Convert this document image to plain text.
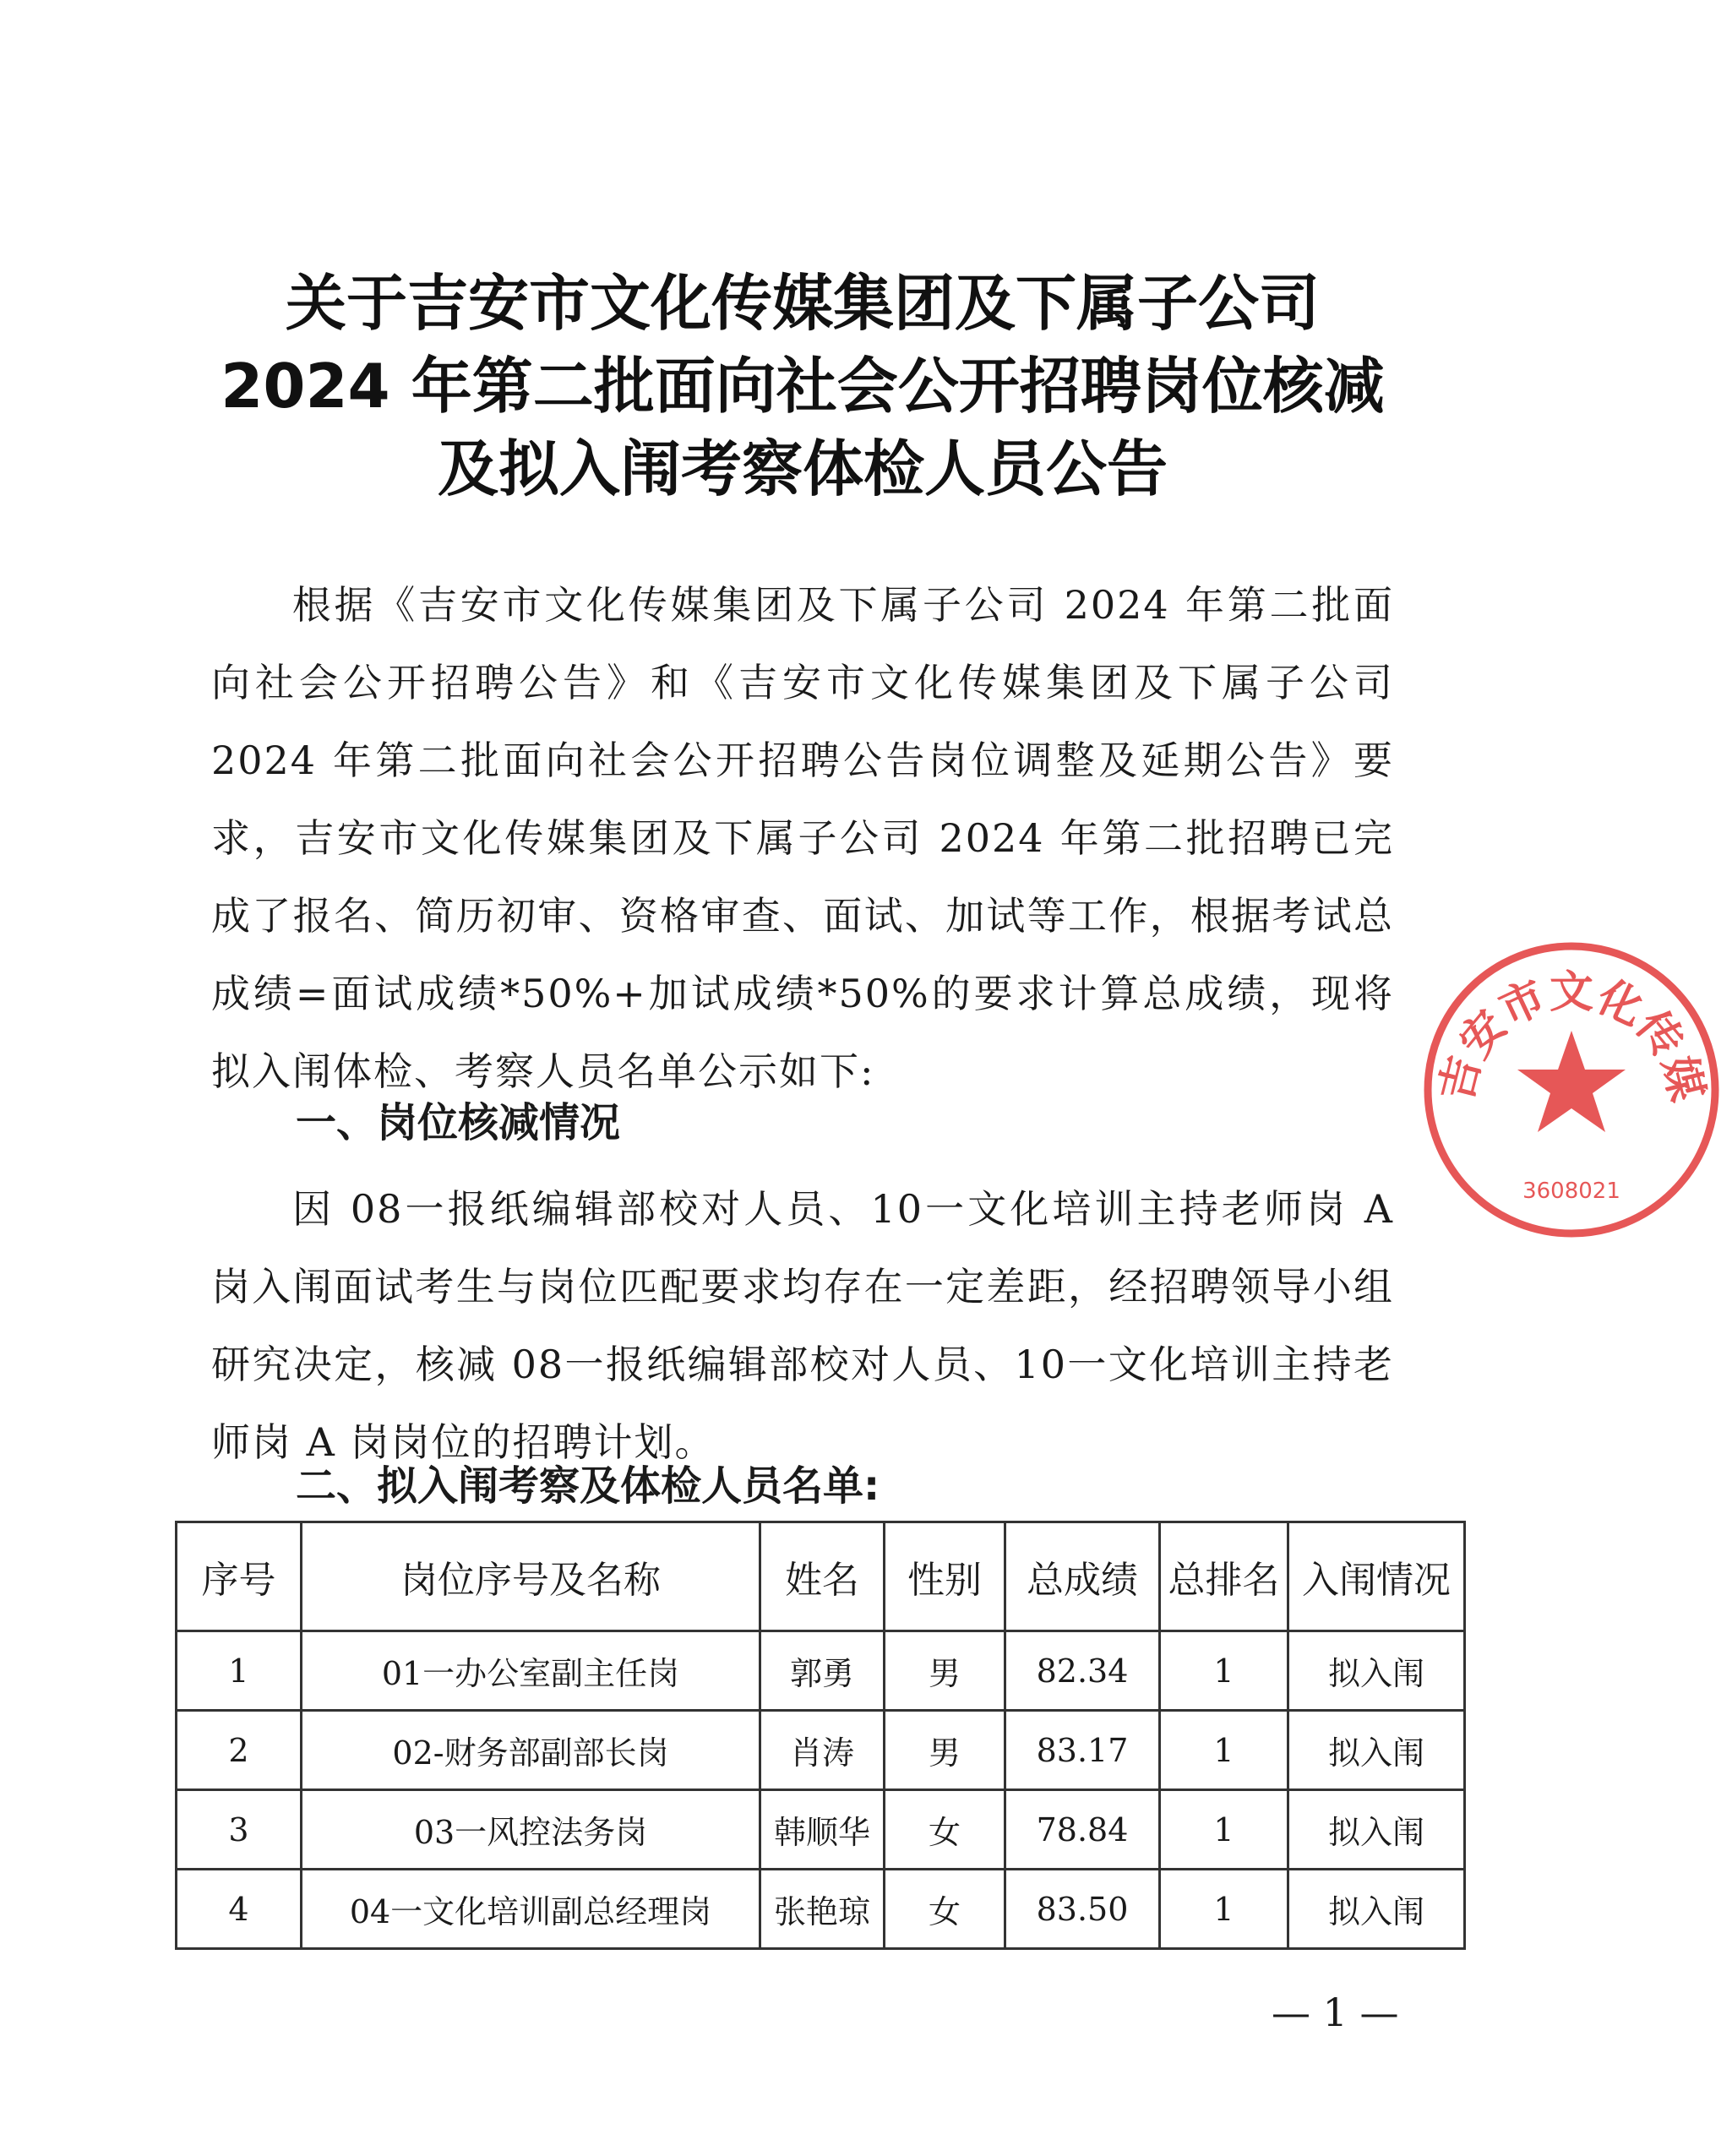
关于吉安市文化传媒集团及下属子公司
2024 年第二批面向社会公开招聘岗位核减
及拟入闱考察体检人员公告
根据《吉安市文化传媒集团及下属子公司 2024 年第二批面向社会公开招聘公告》和《吉安市文化传媒集团及下属子公司 2024 年第二批面向社会公开招聘公告岗位调整及延期公告》要求，吉安市文化传媒集团及下属子公司 2024 年第二批招聘已完成了报名、简历初审、资格审查、面试、加试等工作，根据考试总成绩=面试成绩*50%+加试成绩*50%的要求计算总成绩，现将拟入闱体检、考察人员名单公示如下:
一、岗位核减情况
因 08一报纸编辑部校对人员、10一文化培训主持老师岗 A 岗入闱面试考生与岗位匹配要求均存在一定差距，经招聘领导小组研究决定，核减 08一报纸编辑部校对人员、10一文化培训主持老师岗 A 岗岗位的招聘计划。
二、拟入闱考察及体检人员名单:
序号	岗位序号及名称	姓名	性别	总成绩	总排名	入闱情况
1	01一办公室副主任岗	郭勇	男	82.34	1	拟入闱
2	02-财务部副部长岗	肖涛	男	83.17	1	拟入闱
3	03一风控法务岗	韩顺华	女	78.84	1	拟入闱
4	04一文化培训副总经理岗	张艳琼	女	83.50	1	拟入闱
— 1 —
吉安市文化传媒
3608021
